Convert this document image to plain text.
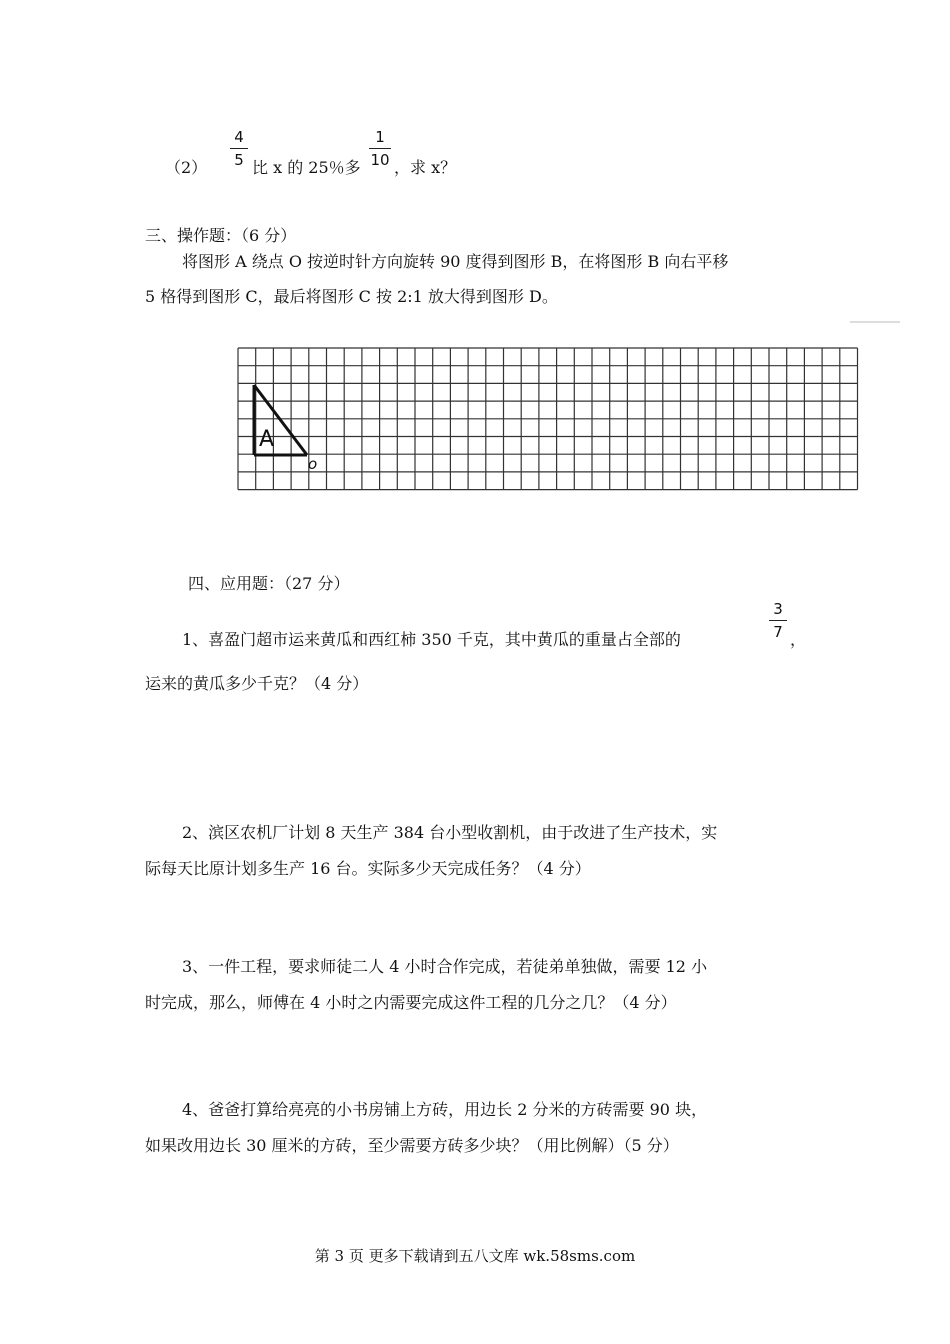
（2）
4
5 比 x 的 25％多
1
10 ，求 x？
三、操作题：（6 分）
将图形 A 绕点 O 按逆时针方向旋转 90 度得到图形 B，在将图形 B 向右平移
5 格得到图形 C，最后将图形 C 按 2:1 放大得到图形 D。
A
o
四、应用题：（27 分）
1、喜盈门超市运来黄瓜和西红柿 350 千克，其中黄瓜的重量占全部的
3
7 ，
运来的黄瓜多少千克？（4 分）
2、滨区农机厂计划 8 天生产 384 台小型收割机，由于改进了生产技术，实
际每天比原计划多生产 16 台。实际多少天完成任务？（4 分）
3、一件工程，要求师徒二人 4 小时合作完成，若徒弟单独做，需要 12 小
时完成，那么，师傅在 4 小时之内需要完成这件工程的几分之几？（4 分）
4、爸爸打算给亮亮的小书房铺上方砖，用边长 2 分米的方砖需要 90 块，
如果改用边长 30 厘米的方砖，至少需要方砖多少块？（用比例解）（5 分）
第 3 页 更多下载请到五八文库 wk.58sms.com
